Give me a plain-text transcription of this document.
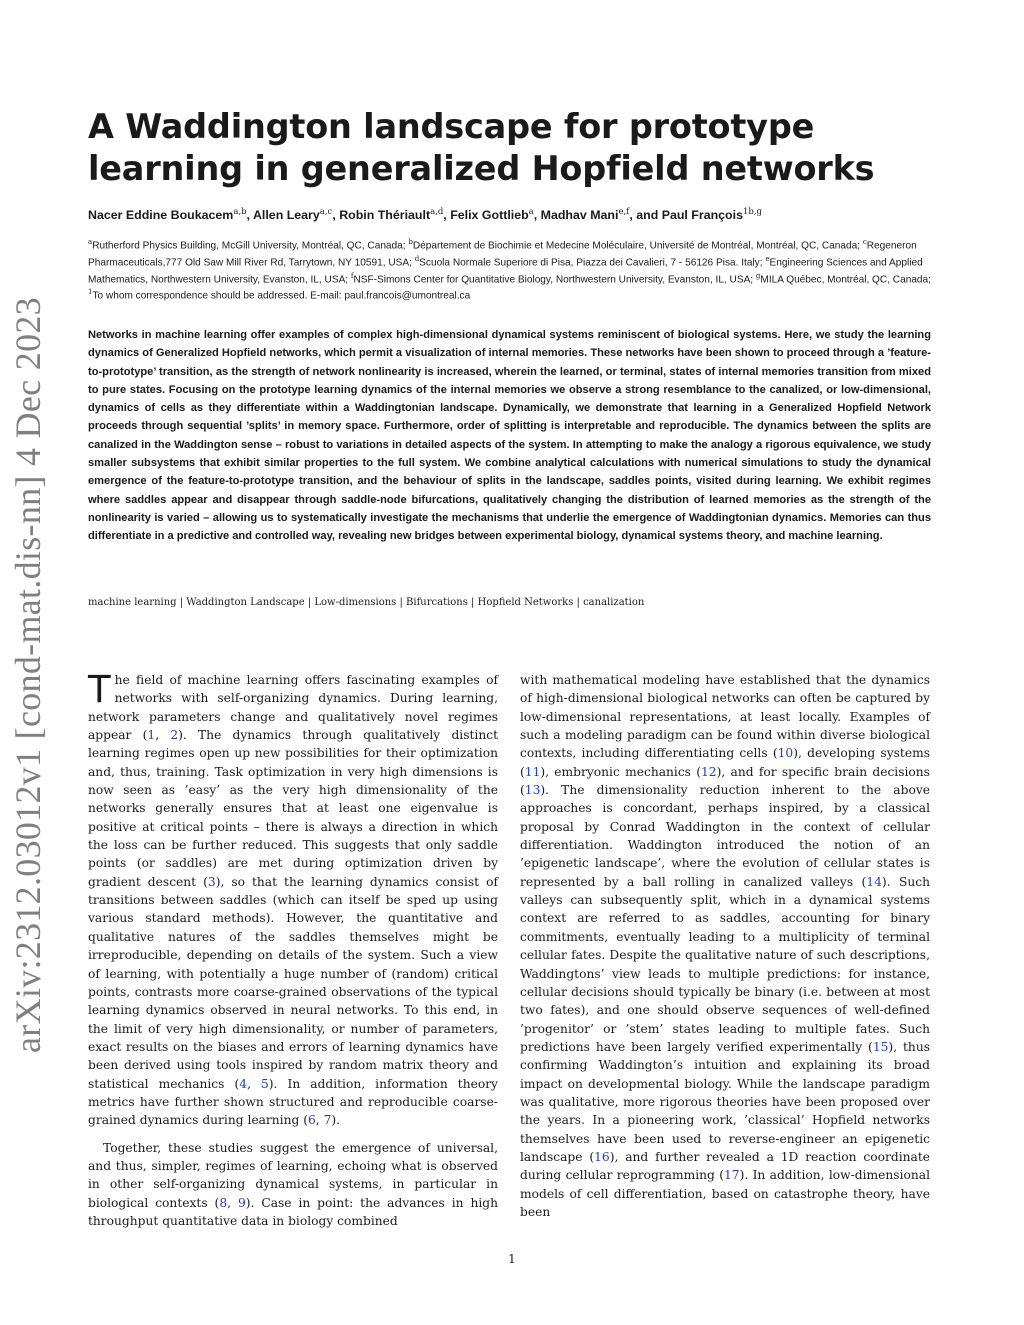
arXiv:2312.03012v1 [cond-mat.dis-nn] 4 Dec 2023
A Waddington landscape for prototype learning in generalized Hopfield networks
Nacer Eddine Boukacem$^{a,b}$, Allen Leary$^{a,c}$, Robin Thériault$^{a,d}$, Felix Gottlieb$^a$, Madhav Mani$^{e,f}$, and Paul François$^{1b,g}$
$^a$Rutherford Physics Building, McGill University, Montréal, QC, Canada; $^b$Département de Biochimie et Medecine Moléculaire, Université de Montréal, Montréal, QC, Canada; $^c$Regeneron Pharmaceuticals,777 Old Saw Mill River Rd, Tarrytown, NY 10591, USA; $^d$Scuola Normale Superiore di Pisa, Piazza dei Cavalieri, 7 - 56126 Pisa. Italy; $^e$Engineering Sciences and Applied Mathematics, Northwestern University, Evanston, IL, USA; $^f$NSF-Simons Center for Quantitative Biology, Northwestern University, Evanston, IL, USA; $^g$MILA Québec, Montréal, QC, Canada; $^1$To whom correspondence should be addressed. E-mail: paul.francois@umontreal.ca

Networks in machine learning offer examples of complex high-dimensional dynamical systems reminiscent of biological systems. Here, we study the learning dynamics of Generalized Hopfield networks, which permit a visualization of internal memories. These networks have been shown to proceed through a ’feature-to-prototype’ transition, as the strength of network nonlinearity is increased, wherein the learned, or terminal, states of internal memories transition from mixed to pure states. Focusing on the prototype learning dynamics of the internal memories we observe a strong resemblance to the canalized, or low-dimensional, dynamics of cells as they differentiate within a Waddingtonian landscape. Dynamically, we demonstrate that learning in a Generalized Hopfield Network proceeds through sequential ’splits’ in memory space. Furthermore, order of splitting is interpretable and reproducible. The dynamics between the splits are canalized in the Waddington sense – robust to variations in detailed aspects of the system. In attempting to make the analogy a rigorous equivalence, we study smaller subsystems that exhibit similar properties to the full system. We combine analytical calculations with numerical simulations to study the dynamical emergence of the feature-to-prototype transition, and the behaviour of splits in the landscape, saddles points, visited during learning. We exhibit regimes where saddles appear and disappear through saddle-node bifurcations, qualitatively changing the distribution of learned memories as the strength of the nonlinearity is varied – allowing us to systematically investigate the mechanisms that underlie the emergence of Waddingtonian dynamics. Memories can thus differentiate in a predictive and controlled way, revealing new bridges between experimental biology, dynamical systems theory, and machine learning.

machine learning | Waddington Landscape | Low-dimensions | Bifurcations | Hopfield Networks | canalization

The field of machine learning offers fascinating examples of networks with self-organizing dynamics. During learning, network parameters change and qualitatively novel regimes appear (1, 2). The dynamics through qualitatively distinct learning regimes open up new possibilities for their optimization and, thus, training. Task optimization in very high dimensions is now seen as ’easy’ as the very high dimensionality of the networks generally ensures that at least one eigenvalue is positive at critical points – there is always a direction in which the loss can be further reduced. This suggests that only saddle points (or saddles) are met during optimization driven by gradient descent (3), so that the learning dynamics consist of transitions between saddles (which can itself be sped up using various standard methods). However, the quantitative and qualitative natures of the saddles themselves might be irreproducible, depending on details of the system. Such a view of learning, with potentially a huge number of (random) critical points, contrasts more coarse-grained observations of the typical learning dynamics observed in neural networks. To this end, in the limit of very high dimensionality, or number of parameters, exact results on the biases and errors of learning dynamics have been derived using tools inspired by random matrix theory and statistical mechanics (4, 5). In addition, information theory metrics have further shown structured and reproducible coarse-grained dynamics during learning (6, 7).

Together, these studies suggest the emergence of universal, and thus, simpler, regimes of learning, echoing what is observed in other self-organizing dynamical systems, in particular in biological contexts (8, 9). Case in point: the advances in high throughput quantitative data in biology combined

with mathematical modeling have established that the dynamics of high-dimensional biological networks can often be captured by low-dimensional representations, at least locally. Examples of such a modeling paradigm can be found within diverse biological contexts, including differentiating cells (10), developing systems (11), embryonic mechanics (12), and for specific brain decisions (13). The dimensionality reduction inherent to the above approaches is concordant, perhaps inspired, by a classical proposal by Conrad Waddington in the context of cellular differentiation. Waddington introduced the notion of an ’epigenetic landscape’, where the evolution of cellular states is represented by a ball rolling in canalized valleys (14). Such valleys can subsequently split, which in a dynamical systems context are referred to as saddles, accounting for binary commitments, eventually leading to a multiplicity of terminal cellular fates. Despite the qualitative nature of such descriptions, Waddingtons’ view leads to multiple predictions: for instance, cellular decisions should typically be binary (i.e. between at most two fates), and one should observe sequences of well-defined ’progenitor’ or ’stem’ states leading to multiple fates. Such predictions have been largely verified experimentally (15), thus confirming Waddington’s intuition and explaining its broad impact on developmental biology. While the landscape paradigm was qualitative, more rigorous theories have been proposed over the years. In a pioneering work, ’classical’ Hopfield networks themselves have been used to reverse-engineer an epigenetic landscape (16), and further revealed a 1D reaction coordinate during cellular reprogramming (17). In addition, low-dimensional models of cell differentiation, based on catastrophe theory, have been

1
